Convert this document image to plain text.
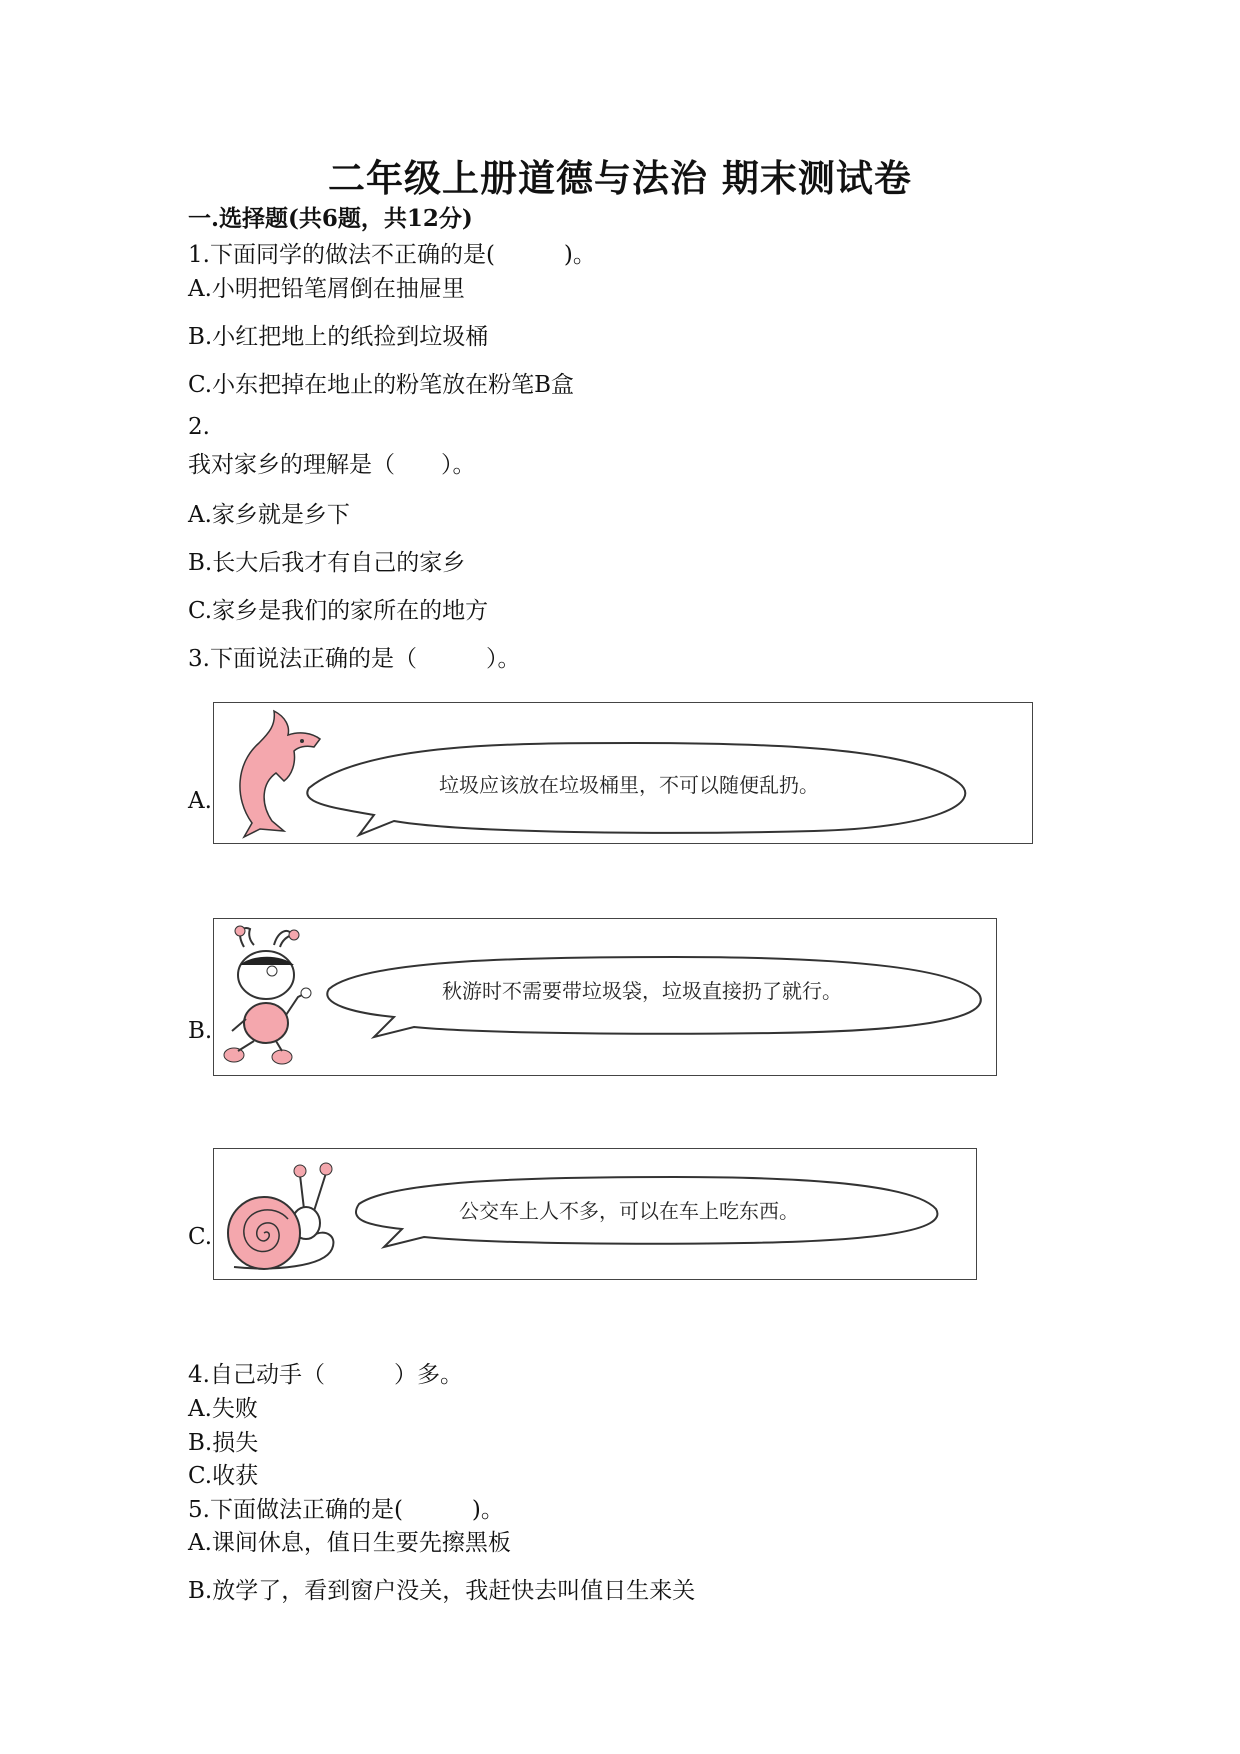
二年级上册道德与法治 期末测试卷
一.选择题(共6题，共12分)
1.下面同学的做法不正确的是(　　　)。
A.小明把铅笔屑倒在抽屉里
B.小红把地上的纸捡到垃圾桶
C.小东把掉在地止的粉笔放在粉笔B盒
2.
我对家乡的理解是（　　）。
A.家乡就是乡下
B.长大后我才有自己的家乡
C.家乡是我们的家所在的地方
3.下面说法正确的是（　　　）。
A.
垃圾应该放在垃圾桶里，不可以随便乱扔。
B.
秋游时不需要带垃圾袋，垃圾直接扔了就行。
C.
公交车上人不多，可以在车上吃东西。
4.自己动手（　　　）多。
A.失败
B.损失
C.收获
5.下面做法正确的是(　　　)。
A.课间休息，值日生要先擦黑板
B.放学了，看到窗户没关，我赶快去叫值日生来关
